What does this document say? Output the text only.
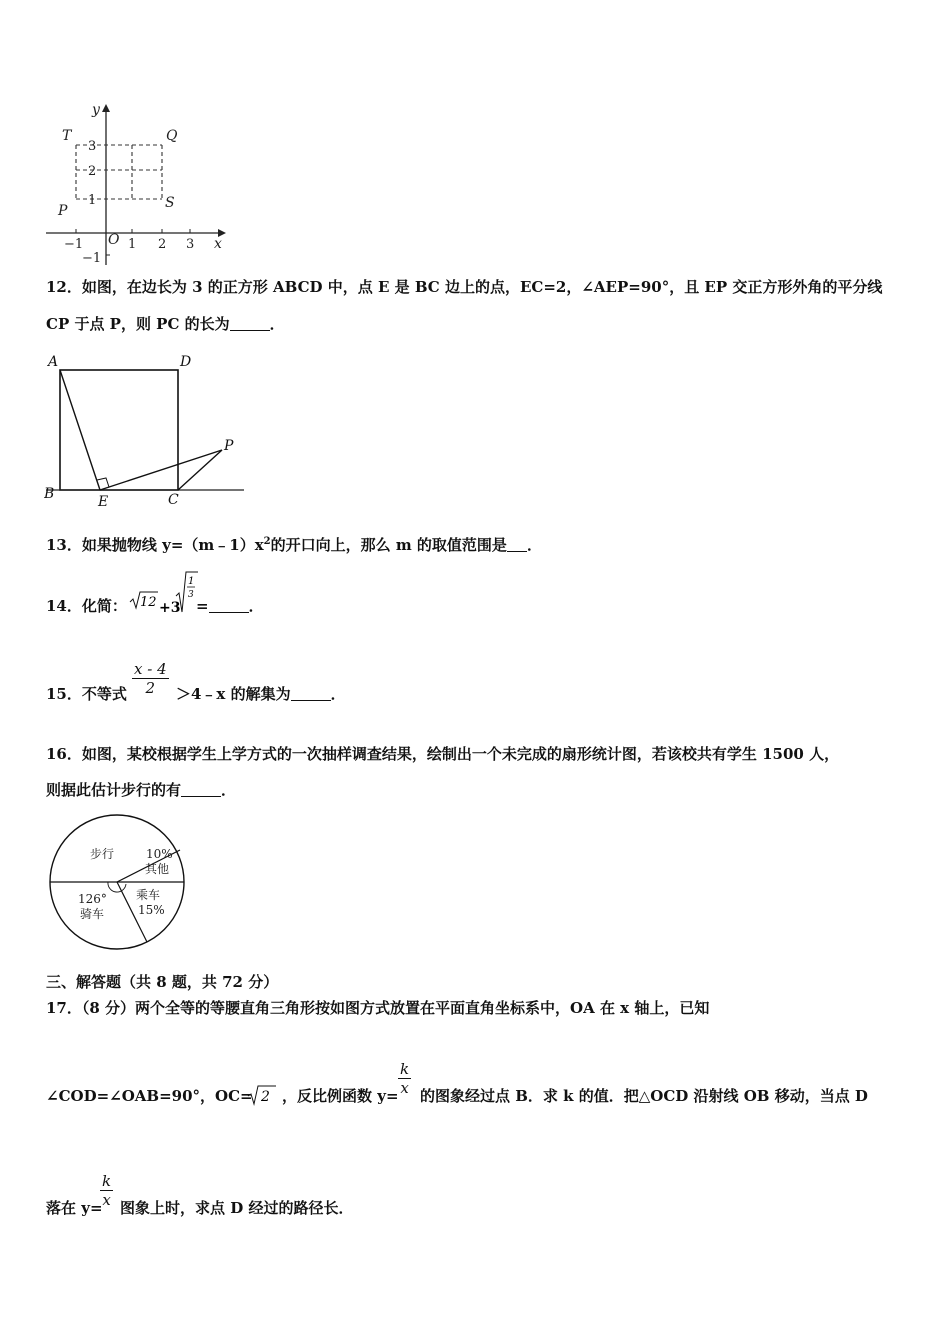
x
y
O
T	Q
P	S
−1	1 2 3
−1
1
2
3
12．如图，在边长为 3 的正方形 ABCD 中，点 E 是 BC 边上的点，EC=2，∠AEP=90°，且 EP 交正方形外角的平分线
CP 于点 P，则 PC 的长为	．
A	D
B	E	C
P
13．如果抛物线 $y=(m﹣1)x^2$的开口向上，那么 m 的取值范围是 ．
14．化简： 12 +3
1
3
=	．
15．不等式 $\frac{x - 4}{2}$ ＞4﹣x 的解集为	．
16．如图，某校根据学生上学方式的一次抽样调查结果，绘制出一个未完成的扇形统计图，若该校共有学生 1500 人，
则据此估计步行的有	．
步行	10%
其他
126°
骑车
乘车
15%
三、解答题（共 8 题，共 72 分）
17．（8 分）两个全等的等腰直角三角形按如图方式放置在平面直角坐标系中，OA 在 x 轴上，已知
∠COD=∠OAB=90°，OC= 2 ，反比例函数 $y= \frac{k}{x}$ 的图象经过点 B．求 k 的值．把△OCD 沿射线 OB 移动，当点 D
落在 y=
$\frac{k}{x}$ 图象上时，求点 D 经过的路径长．
